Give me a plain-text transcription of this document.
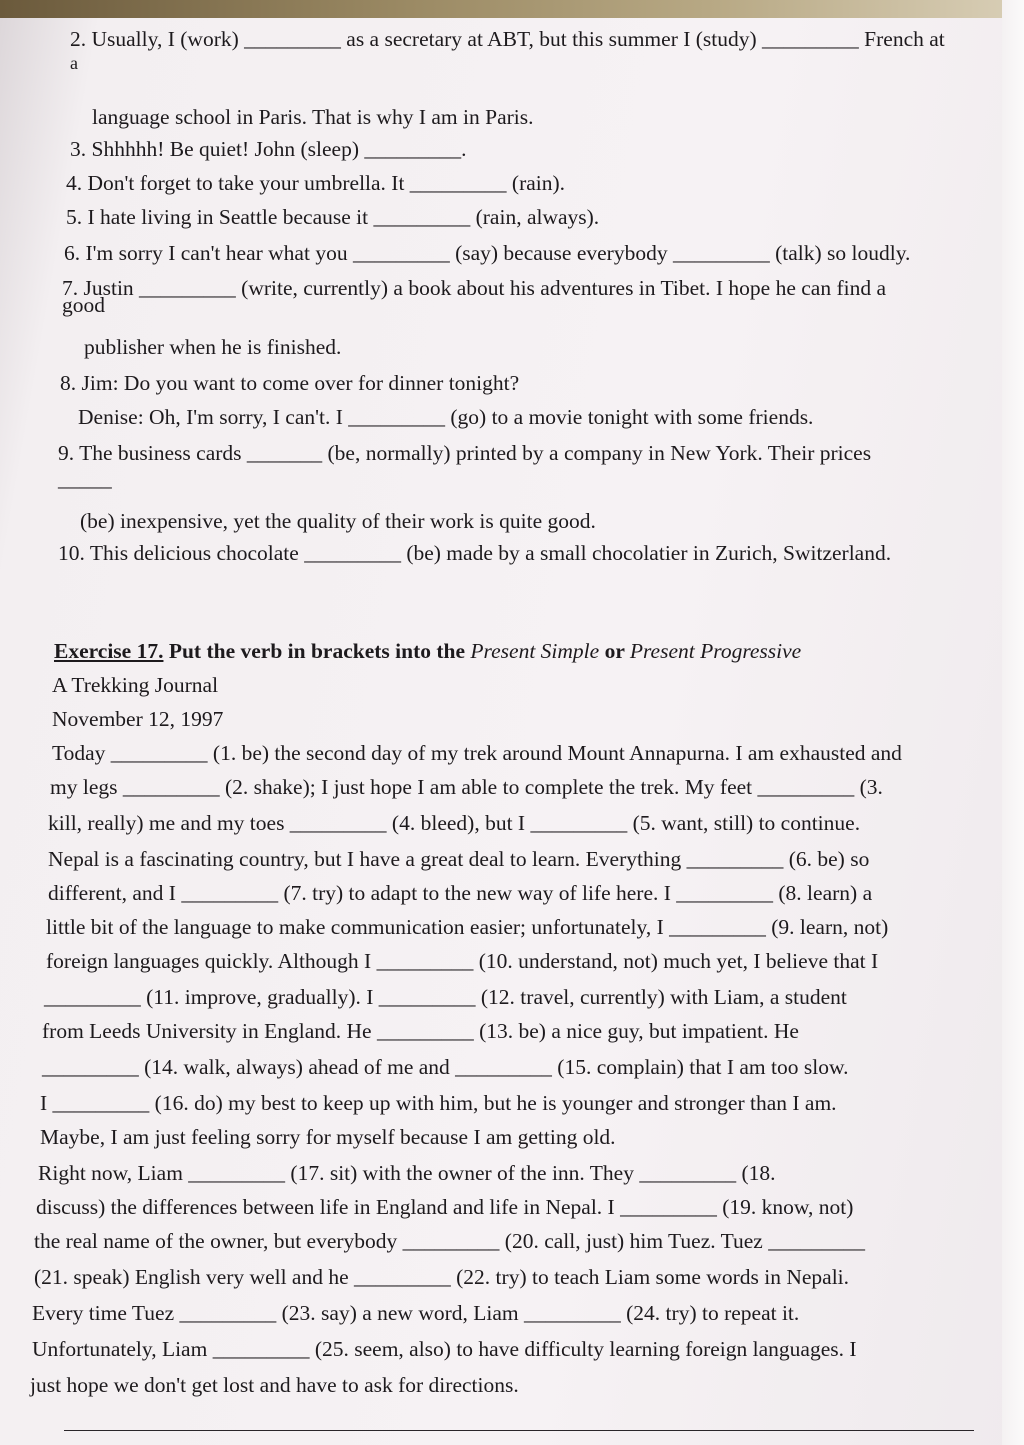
2. Usually, I (work) _________ as a secretary at ABT, but this summer I (study) _________ French at
a
language school in Paris. That is why I am in Paris.
3. Shhhhh! Be quiet! John (sleep) _________.
4. Don't forget to take your umbrella. It _________ (rain).
5. I hate living in Seattle because it _________ (rain, always).
6. I'm sorry I can't hear what you _________ (say) because everybody _________ (talk) so loudly.
7. Justin _________ (write, currently) a book about his adventures in Tibet. I hope he can find a
good
publisher when he is finished.
8. Jim: Do you want to come over for dinner tonight?
Denise: Oh, I'm sorry, I can't. I _________ (go) to a movie tonight with some friends.
9. The business cards _______ (be, normally) printed by a company in New York. Their prices
_____
(be) inexpensive, yet the quality of their work is quite good.
10. This delicious chocolate _________ (be) made by a small chocolatier in Zurich, Switzerland.
Exercise 17. Put the verb in brackets into the Present Simple or Present Progressive
A Trekking Journal
November 12, 1997
Today _________ (1. be) the second day of my trek around Mount Annapurna. I am exhausted and
my legs _________ (2. shake); I just hope I am able to complete the trek. My feet _________ (3.
kill, really) me and my toes _________ (4. bleed), but I _________ (5. want, still) to continue.
Nepal is a fascinating country, but I have a great deal to learn. Everything _________ (6. be) so
different, and I _________ (7. try) to adapt to the new way of life here. I _________ (8. learn) a
little bit of the language to make communication easier; unfortunately, I _________ (9. learn, not)
foreign languages quickly. Although I _________ (10. understand, not) much yet, I believe that I
_________ (11. improve, gradually). I _________ (12. travel, currently) with Liam, a student
from Leeds University in England. He _________ (13. be) a nice guy, but impatient. He
_________ (14. walk, always) ahead of me and _________ (15. complain) that I am too slow.
I _________ (16. do) my best to keep up with him, but he is younger and stronger than I am.
Maybe, I am just feeling sorry for myself because I am getting old.
Right now, Liam _________ (17. sit) with the owner of the inn. They _________ (18.
discuss) the differences between life in England and life in Nepal. I _________ (19. know, not)
the real name of the owner, but everybody _________ (20. call, just) him Tuez. Tuez _________
(21. speak) English very well and he _________ (22. try) to teach Liam some words in Nepali.
Every time Tuez _________ (23. say) a new word, Liam _________ (24. try) to repeat it.
Unfortunately, Liam _________ (25. seem, also) to have difficulty learning foreign languages. I
just hope we don't get lost and have to ask for directions.
